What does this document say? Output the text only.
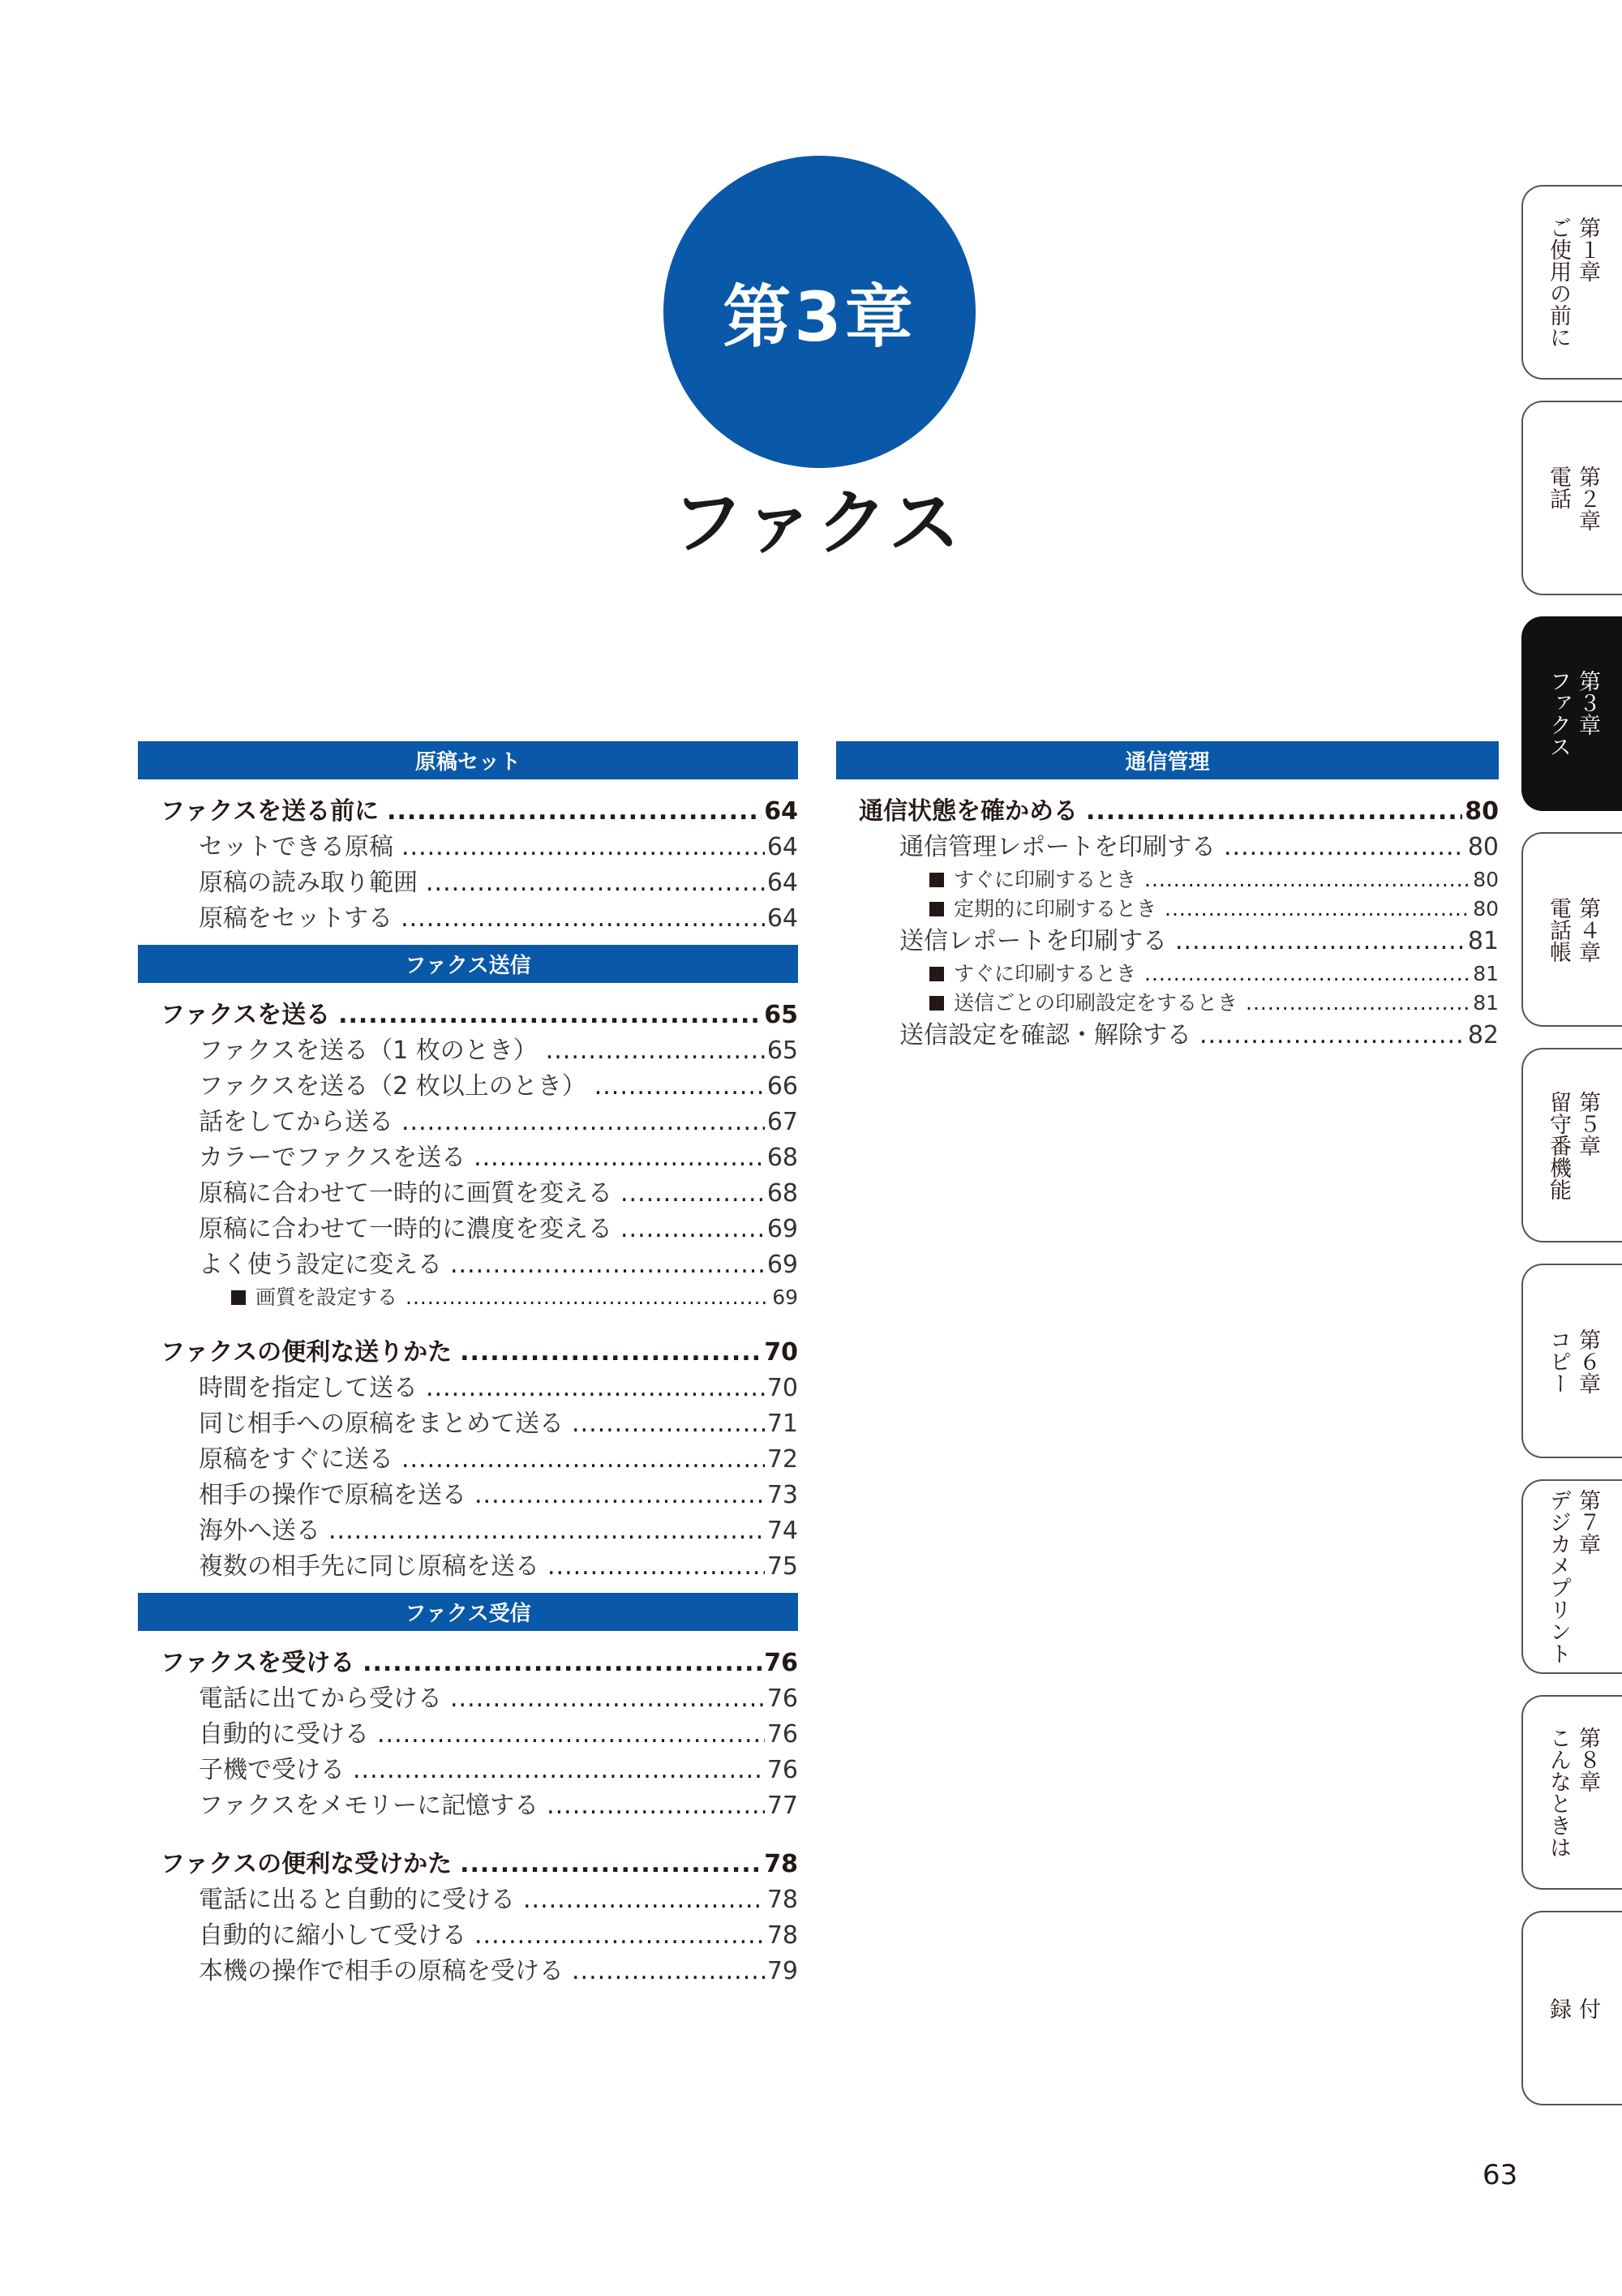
第3章
ファクス
原稿セット
ファクスを送る前に .....	64
セットできる原稿 .....	64
原稿の読み取り範囲 .....	64
原稿をセットする .....	64
ファクス送信
ファクスを送る .....	65
ファクスを送る（1 枚のとき） .....	65
ファクスを送る（2 枚以上のとき） .....	66
話をしてから送る .....	67
カラーでファクスを送る .....	68
原稿に合わせて一時的に画質を変える .....	68
原稿に合わせて一時的に濃度を変える .....	69
よく使う設定に変える .....	69
画質を設定する .....	69
ファクスの便利な送りかた .....	70
時間を指定して送る .....	70
同じ相手への原稿をまとめて送る .....	71
原稿をすぐに送る .....	72
相手の操作で原稿を送る .....	73
海外へ送る .....	74
複数の相手先に同じ原稿を送る .....	75
ファクス受信
ファクスを受ける .....	76
電話に出てから受ける .....	76
自動的に受ける .....	76
子機で受ける .....	76
ファクスをメモリーに記憶する .....	77
ファクスの便利な受けかた .....	78
電話に出ると自動的に受ける .....	78
自動的に縮小して受ける .....	78
本機の操作で相手の原稿を受ける .....	79
通信管理
通信状態を確かめる .....	80
通信管理レポートを印刷する .....	80
すぐに印刷するとき .....	80
定期的に印刷するとき .....	80
送信レポートを印刷する .....	81
すぐに印刷するとき .....	81
送信ごとの印刷設定をするとき .....	81
送信設定を確認・解除する .....	82
第１章
ご使用の前に
第２章
電話
第３章
ファクス
第４章
電話帳
第５章
留守番機能
第６章
コピー
第７章
デジカメプリント
第８章
こんなときは
付
録
63
